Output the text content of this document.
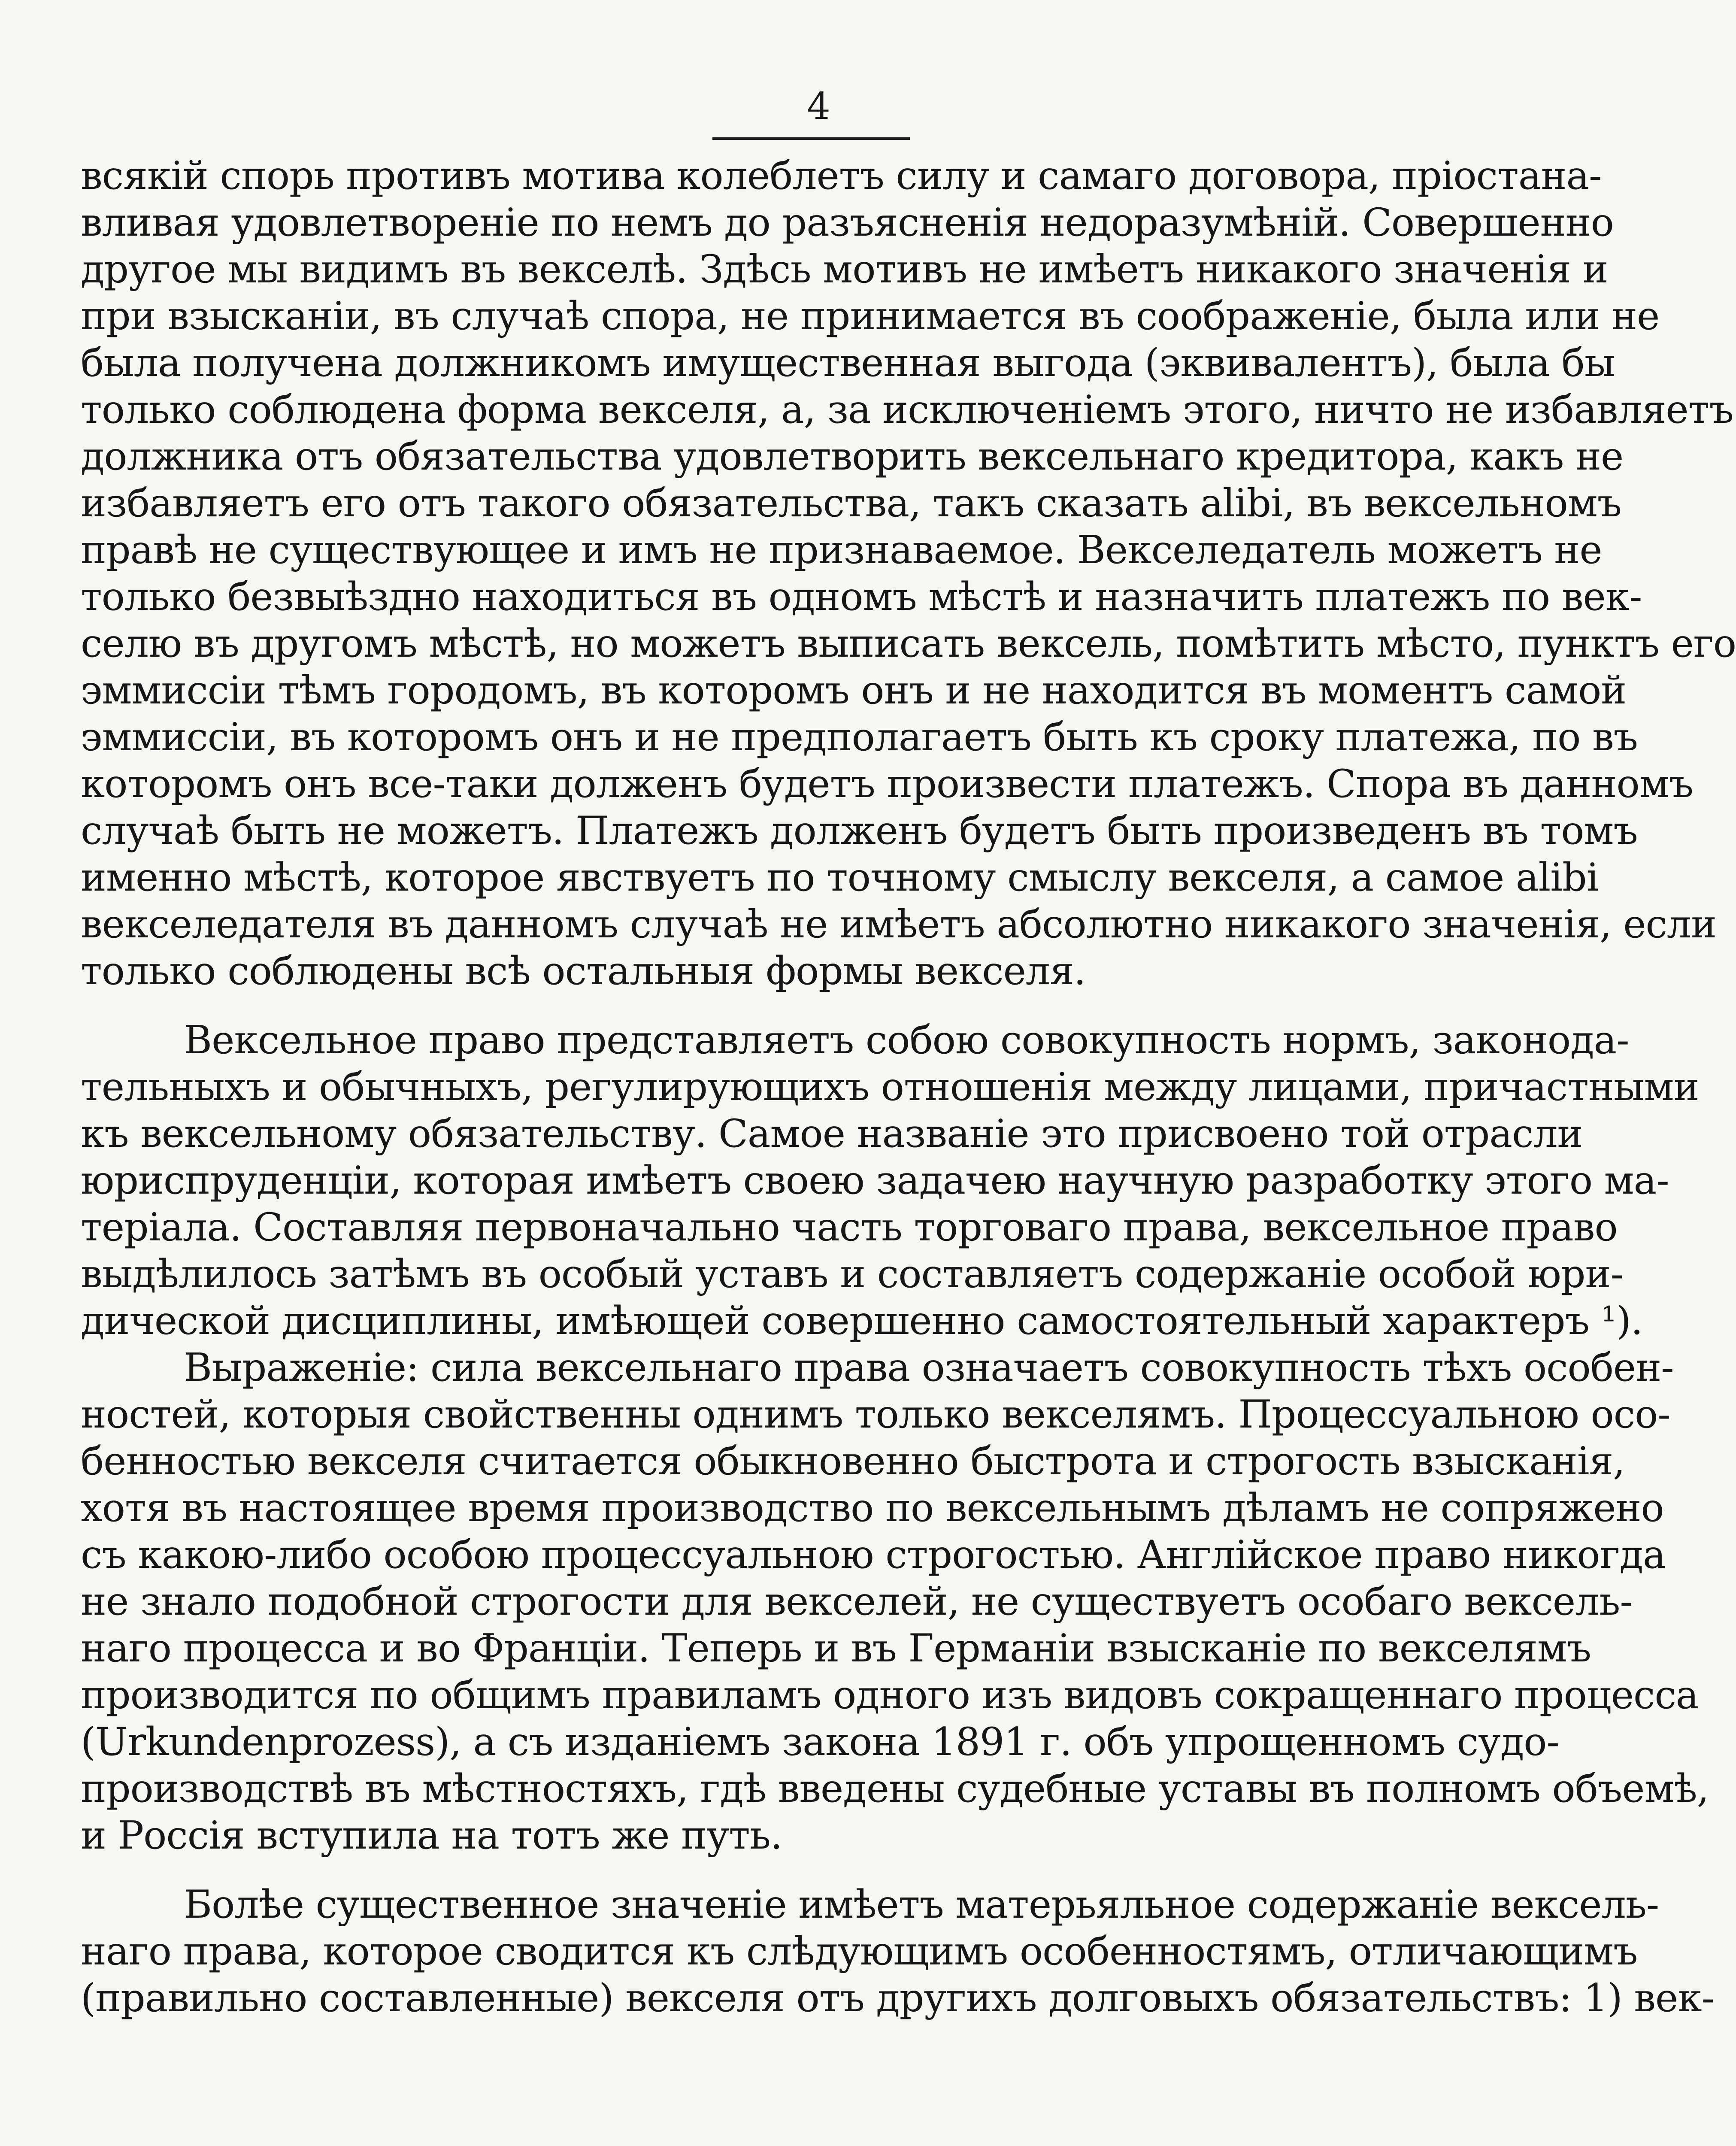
4
всякій спорь противъ мотива колеблетъ силу и самаго договора, пріостана-
вливая удовлетвореніе по немъ до разъясненія недоразумѣній. Совершенно
другое мы видимъ въ векселѣ. Здѣсь мотивъ не имѣетъ никакого значенія и
при взысканіи, въ случаѣ спора, не принимается въ соображеніе, была или не
была получена должникомъ имущественная выгода (эквивалентъ), была бы
только соблюдена форма векселя, а, за исключеніемъ этого, ничто не избавляетъ
должника отъ обязательства удовлетворить вексельнаго кредитора, какъ не
избавляетъ его отъ такого обязательства, такъ сказать alibi, въ вексельномъ
правѣ не существующее и имъ не признаваемое. Векселедатель можетъ не
только безвыѣздно находиться въ одномъ мѣстѣ и назначить платежъ по век-
селю въ другомъ мѣстѣ, но можетъ выписать вексель, помѣтить мѣсто, пунктъ его
эммиссіи тѣмъ городомъ, въ которомъ онъ и не находится въ моментъ самой
эммиссіи, въ которомъ онъ и не предполагаетъ быть къ сроку платежа, по въ
которомъ онъ все-таки долженъ будетъ произвести платежъ. Спора въ данномъ
случаѣ быть не можетъ. Платежъ долженъ будетъ быть произведенъ въ томъ
именно мѣстѣ, которое явствуетъ по точному смыслу векселя, а самое alibi
векселедателя въ данномъ случаѣ не имѣетъ абсолютно никакого значенія, если
только соблюдены всѣ остальныя формы векселя.
Вексельное право представляетъ собою совокупность нормъ, законода-
тельныхъ и обычныхъ, регулирующихъ отношенія между лицами, причастными
къ вексельному обязательству. Самое названіе это присвоено той отрасли
юриспруденціи, которая имѣетъ своею задачею научную разработку этого ма-
теріала. Составляя первоначально часть торговаго права, вексельное право
выдѣлилось затѣмъ въ особый уставъ и составляетъ содержаніе особой юри-
дической дисциплины, имѣющей совершенно самостоятельный характеръ ¹).
Выраженіе: сила вексельнаго права означаетъ совокупность тѣхъ особен-
ностей, которыя свойственны однимъ только векселямъ. Процессуальною осо-
бенностью векселя считается обыкновенно быстрота и строгость взысканія,
хотя въ настоящее время производство по вексельнымъ дѣламъ не сопряжено
съ какою-либо особою процессуальною строгостью. Англійское право никогда
не знало подобной строгости для векселей, не существуетъ особаго вексель-
наго процесса и во Франціи. Теперь и въ Германіи взысканіе по векселямъ
производится по общимъ правиламъ одного изъ видовъ сокращеннаго процесса
(Urkundenprozess), а съ изданіемъ закона 1891 г. объ упрощенномъ судо-
производствѣ въ мѣстностяхъ, гдѣ введены судебные уставы въ полномъ объемѣ,
и Россія вступила на тотъ же путь.
Болѣе существенное значеніе имѣетъ матерьяльное содержаніе вексель-
наго права, которое сводится къ слѣдующимъ особенностямъ, отличающимъ
(правильно составленные) векселя отъ другихъ долговыхъ обязательствъ: 1) век-
